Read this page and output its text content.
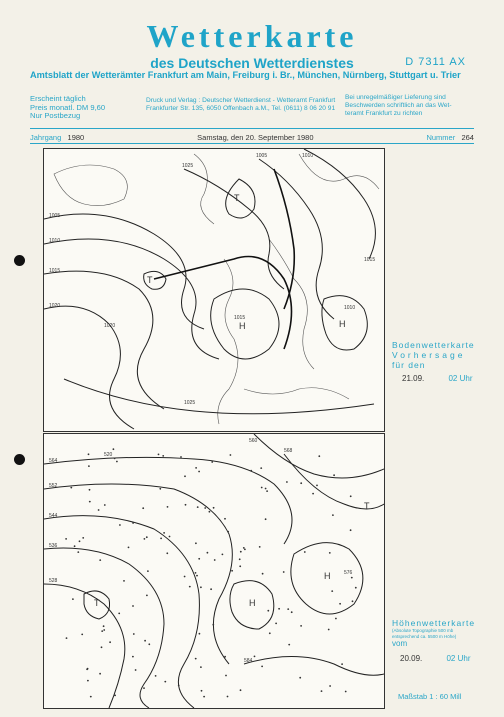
Wetterkarte
des Deutschen Wetterdienstes	D 7311 AX
Amtsblatt der Wetterämter Frankfurt am Main, Freiburg i. Br., München, Nürnberg, Stuttgart u. Trier
Erscheint täglich
Preis monatl. DM 9,60
Nur Postbezug
Druck und Verlag : Deutscher Wetterdienst - Wetteramt Frankfurt
Frankfurter Str. 135, 6050 Offenbach a.M., Tel. (0611) 8 06 20 91
Bei unregelmäßiger Lieferung sind
Beschwerden schriftlich an das Wet-
teramt Frankfurt zu richten
Jahrgang 1980	Samstag, den 20. September 1980	Nummer 264
1005
1010
1015
1020
1025
1005	1010
1015
1020
1010
1015
1025
T
T
H	H
Bodenwetterkarte
Vorhersage
für den
21.09.	02 Uhr
564
552
544
536
528
560
568
576
584
520
T
H
H
T
Höhenwetterkarte
(Absolute Topographie 500 mb
entsprechend ca. 5500 m Höhe)
vom
20.09.	02 Uhr
Maßstab 1 : 60 Mill
